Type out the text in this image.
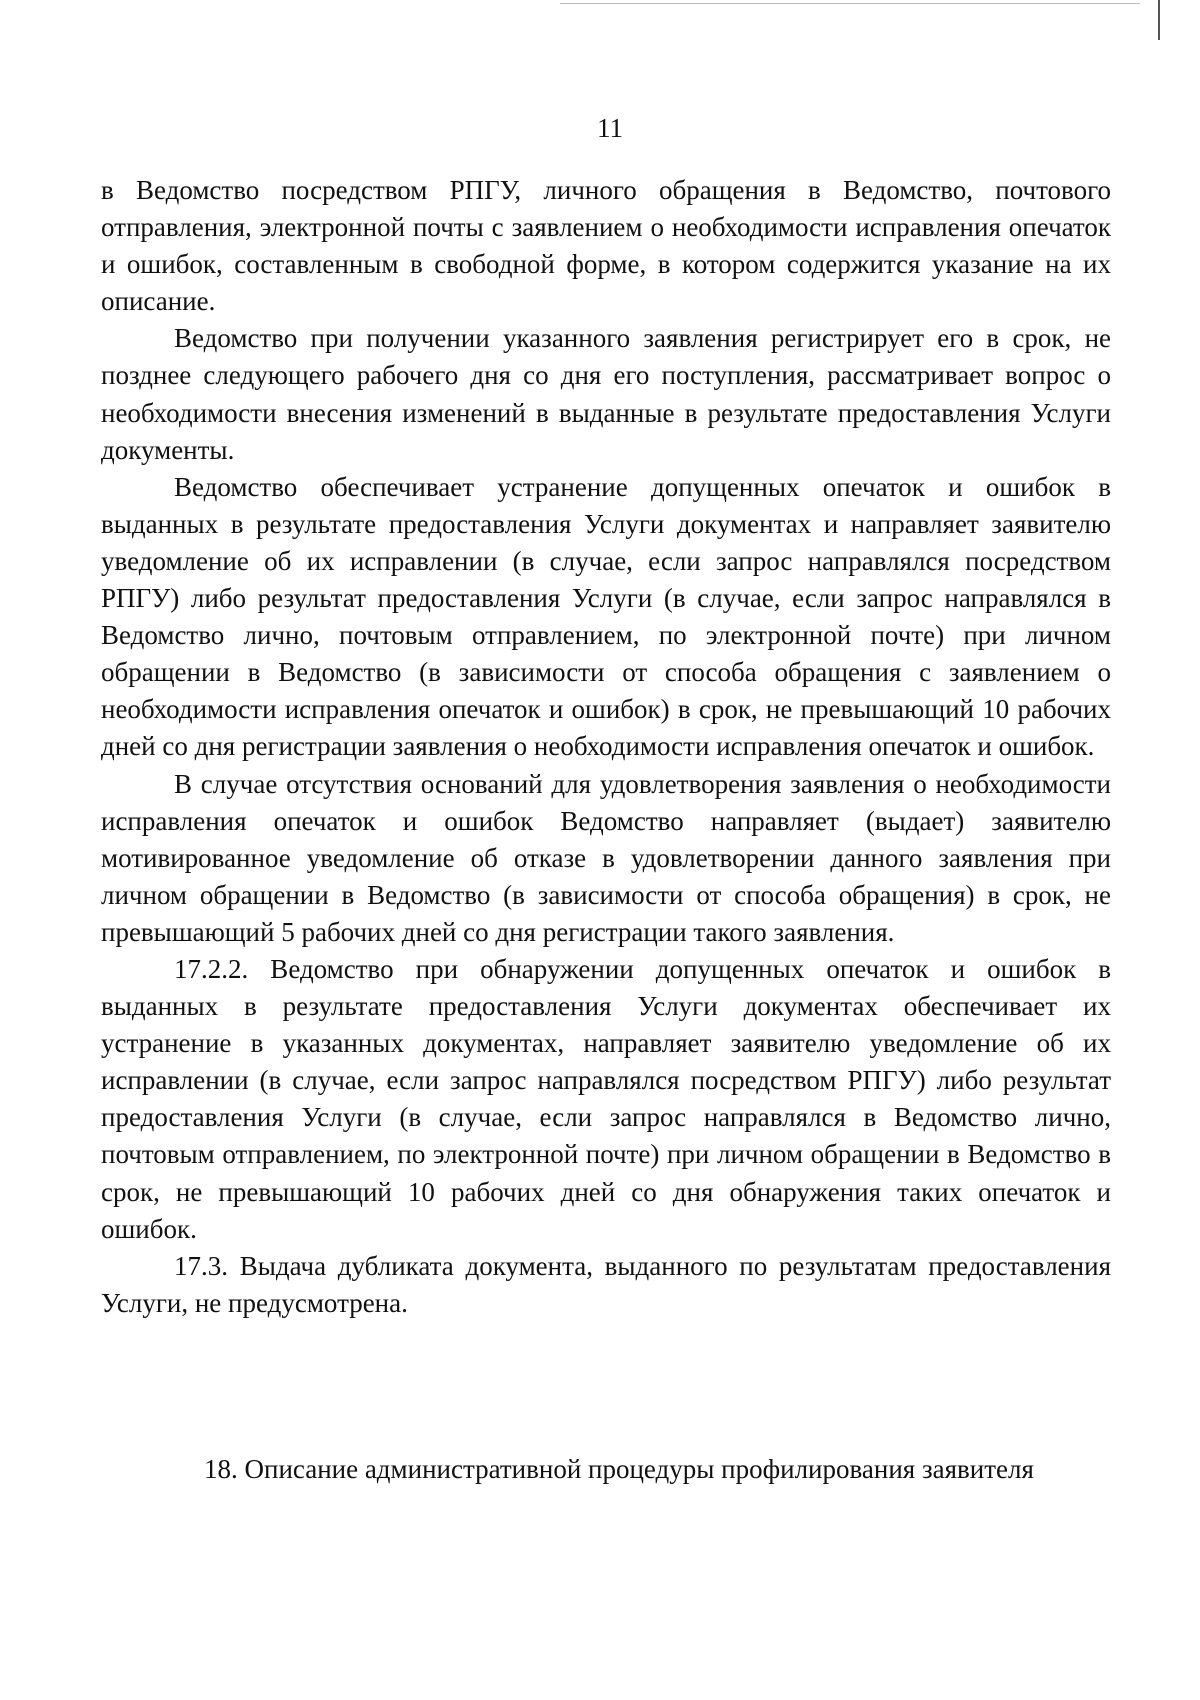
11

в Ведомство посредством РПГУ, личного обращения в Ведомство, почтового отправления, электронной почты с заявлением о необходимости исправления опечаток и ошибок, составленным в свободной форме, в котором содержится указание на их описание.

Ведомство при получении указанного заявления регистрирует его в срок, не позднее следующего рабочего дня со дня его поступления, рассматривает вопрос о необходимости внесения изменений в выданные в результате предоставления Услуги документы.

Ведомство обеспечивает устранение допущенных опечаток и ошибок в выданных в результате предоставления Услуги документах и направляет заявителю уведомление об их исправлении (в случае, если запрос направлялся посредством РПГУ) либо результат предоставления Услуги (в случае, если запрос направлялся в Ведомство лично, почтовым отправлением, по электронной почте) при личном обращении в Ведомство (в зависимости от способа обращения с заявлением о необходимости исправления опечаток и ошибок) в срок, не превышающий 10 рабочих дней со дня регистрации заявления о необходимости исправления опечаток и ошибок.

В случае отсутствия оснований для удовлетворения заявления о необходимости исправления опечаток и ошибок Ведомство направляет (выдает) заявителю мотивированное уведомление об отказе в удовлетворении данного заявления при личном обращении в Ведомство (в зависимости от способа обращения) в срок, не превышающий 5 рабочих дней со дня регистрации такого заявления.

17.2.2. Ведомство при обнаружении допущенных опечаток и ошибок в выданных в результате предоставления Услуги документах обеспечивает их устранение в указанных документах, направляет заявителю уведомление об их исправлении (в случае, если запрос направлялся посредством РПГУ) либо результат предоставления Услуги (в случае, если запрос направлялся в Ведомство лично, почтовым отправлением, по электронной почте) при личном обращении в Ведомство в срок, не превышающий 10 рабочих дней со дня обнаружения таких опечаток и ошибок.

17.3. Выдача дубликата документа, выданного по результатам предоставления Услуги, не предусмотрена.

18. Описание административной процедуры профилирования заявителя
